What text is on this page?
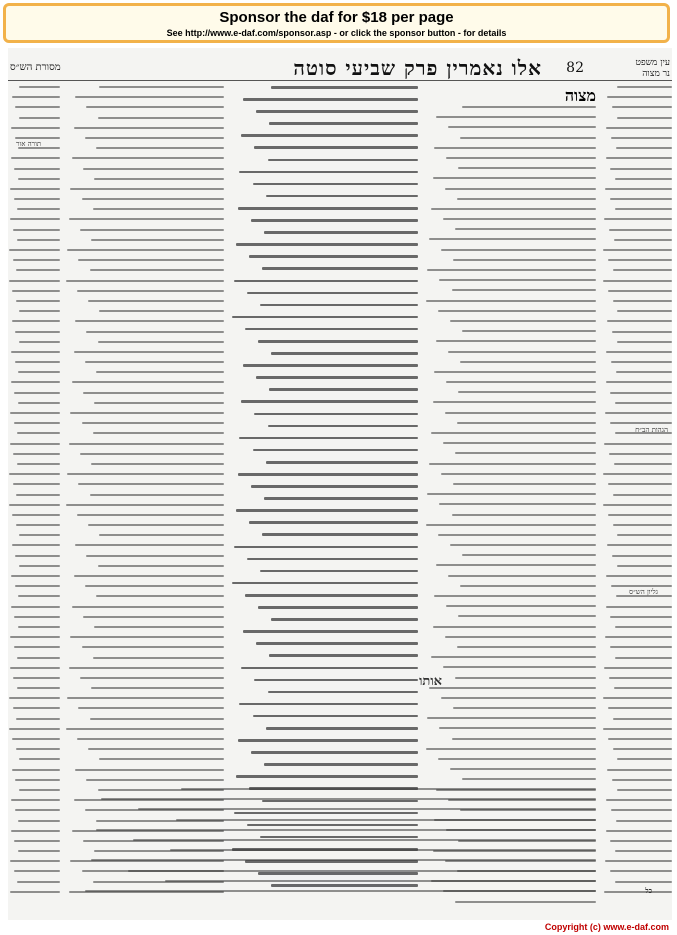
Sponsor the daf for $18 per page
See http://www.e-daf.com/sponsor.asp - or click the sponsor button - for details
עין משפט
נר מצוה
82
אלו נאמרין פרק שביעי סוטה
מסורת הש״ס
הגהות הב״ח
גליון הש״ס
מצוה
תורה אור
כל
אותו
Copyright (c) www.e-daf.com
